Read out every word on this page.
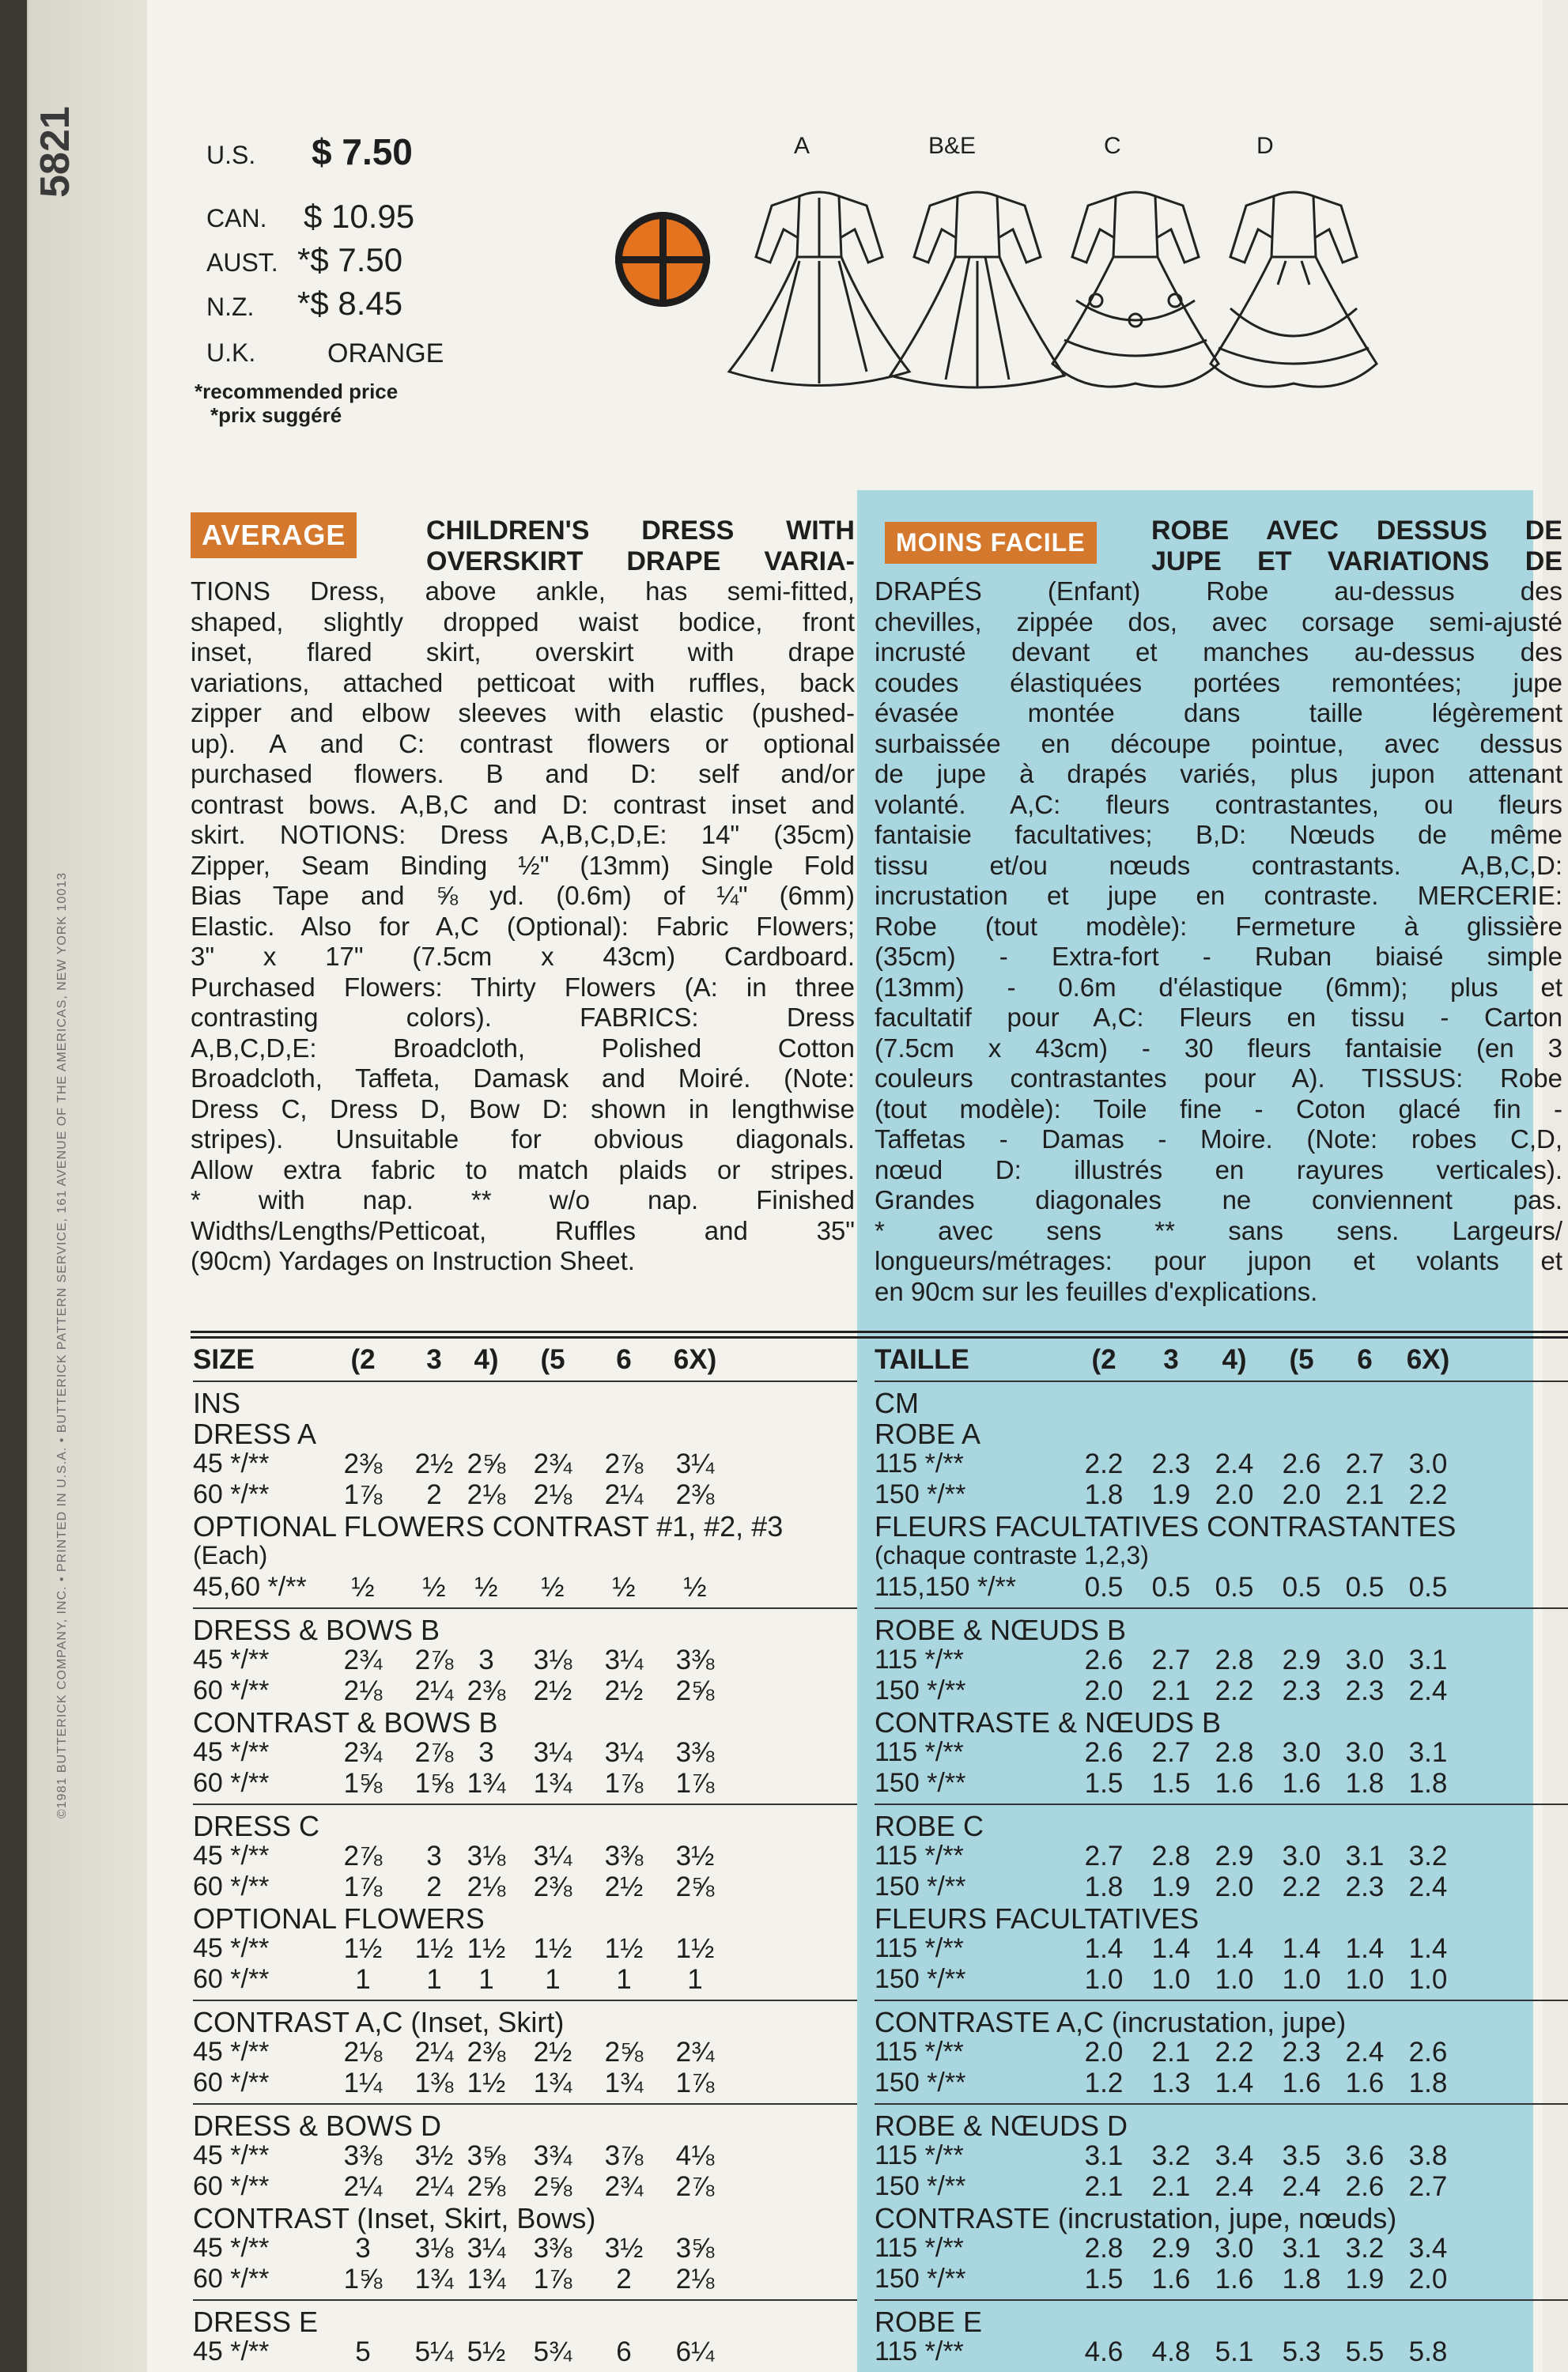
5821
©1981 BUTTERICK COMPANY, INC. • PRINTED IN U.S.A. • BUTTERICK PATTERN SERVICE, 161 AVENUE OF THE AMERICAS, NEW YORK 10013
U.S. $ 7.50
CAN. $ 10.95
AUST. *$ 7.50
N.Z. *$ 8.45
U.K.	ORANGE
*recommended price
*prix suggéré
A	B&E	C	D
AVERAGE	MOINS FACILE
CHILDREN'S DRESS WITH
OVERSKIRT DRAPE VARIA-
TIONS Dress, above ankle, has semi-fitted,
shaped, slightly dropped waist bodice, front
inset, flared skirt, overskirt with drape
variations, attached petticoat with ruffles, back
zipper and elbow sleeves with elastic (pushed-
up). A and C: contrast flowers or optional
purchased flowers. B and D: self and/or
contrast bows. A,B,C and D: contrast inset and
skirt. NOTIONS: Dress A,B,C,D,E: 14" (35cm)
Zipper, Seam Binding ½" (13mm) Single Fold
Bias Tape and ⅝ yd. (0.6m) of ¼" (6mm)
Elastic. Also for A,C (Optional): Fabric Flowers;
3" x 17" (7.5cm x 43cm) Cardboard.
Purchased Flowers: Thirty Flowers (A: in three
contrasting colors). FABRICS: Dress
A,B,C,D,E: Broadcloth, Polished Cotton
Broadcloth, Taffeta, Damask and Moiré. (Note:
Dress C, Dress D, Bow D: shown in lengthwise
stripes). Unsuitable for obvious diagonals.
Allow extra fabric to match plaids or stripes.
* with nap. ** w/o nap. Finished
Widths/Lengths/Petticoat, Ruffles and 35"
(90cm) Yardages on Instruction Sheet.
ROBE AVEC DESSUS DE
JUPE ET VARIATIONS DE
DRAPÉS (Enfant) Robe au-dessus des
chevilles, zippée dos, avec corsage semi-ajusté
incrusté devant et manches au-dessus des
coudes élastiquées portées remontées; jupe
évasée montée dans taille légèrement
surbaissée en découpe pointue, avec dessus
de jupe à drapés variés, plus jupon attenant
volanté. A,C: fleurs contrastantes, ou fleurs
fantaisie facultatives; B,D: Nœuds de même
tissu et/ou nœuds contrastants. A,B,C,D:
incrustation et jupe en contraste. MERCERIE:
Robe (tout modèle): Fermeture à glissière
(35cm) - Extra-fort - Ruban biaisé simple
(13mm) - 0.6m d'élastique (6mm); plus et
facultatif pour A,C: Fleurs en tissu - Carton
(7.5cm x 43cm) - 30 fleurs fantaisie (en 3
couleurs contrastantes pour A). TISSUS: Robe
(tout modèle): Toile fine - Coton glacé fin -
Taffetas - Damas - Moire. (Note: robes C,D,
nœud D: illustrés en rayures verticales).
Grandes diagonales ne conviennent pas.
* avec sens ** sans sens. Largeurs/
longueurs/métrages: pour jupon et volants et
en 90cm sur les feuilles d'explications.
SIZE	(2	3	4)	(5	6	6X)
INS
DRESS A
45 */**	2⅜	2½ 2⅝	2¾	2⅞	3¼
60 */**	1⅞	2 2⅛	2⅛	2¼	2⅜
OPTIONAL FLOWERS CONTRAST #1, #2, #3
(Each)
45,60 */**	½	½	½	½	½	½
DRESS & BOWS B
45 */**	2¾	2⅞ 3	3⅛	3¼	3⅜
60 */**	2⅛	2¼ 2⅜	2½	2½	2⅝
CONTRAST & BOWS B
45 */**	2¾	2⅞ 3	3¼	3¼	3⅜
60 */**	1⅝	1⅝ 1¾	1¾	1⅞	1⅞
DRESS C
45 */**	2⅞	3 3⅛	3¼	3⅜	3½
60 */**	1⅞	2 2⅛	2⅜	2½	2⅝
OPTIONAL FLOWERS
45 */**	1½	1½ 1½	1½	1½	1½
60 */**	1	1	1	1	1	1
CONTRAST A,C (Inset, Skirt)
45 */**	2⅛	2¼ 2⅜	2½	2⅝	2¾
60 */**	1¼	1⅜ 1½	1¾	1¾	1⅞
DRESS & BOWS D
45 */**	3⅜	3½ 3⅝	3¾	3⅞	4⅛
60 */**	2¼	2¼ 2⅝	2⅝	2¾	2⅞
CONTRAST (Inset, Skirt, Bows)
45 */**	3	3⅛ 3¼	3⅜	3½	3⅝
60 */**	1⅝	1¾ 1¾	1⅞	2	2⅛
DRESS E
45 */**	5	5¼ 5½	5¾	6	6¼
TAILLE	(2	3	4)	(5	6	6X)
CM
ROBE A
115 */**	2.2	2.3 2.4	2.6 2.7 3.0
150 */**	1.8	1.9 2.0	2.0 2.1 2.2
FLEURS FACULTATIVES CONTRASTANTES
(chaque contraste 1,2,3)
115,150 */**	0.5	0.5 0.5	0.5 0.5 0.5
ROBE & NŒUDS B
115 */**	2.6	2.7 2.8	2.9 3.0 3.1
150 */**	2.0	2.1 2.2	2.3 2.3 2.4
CONTRASTE & NŒUDS B
115 */**	2.6	2.7 2.8	3.0 3.0 3.1
150 */**	1.5	1.5 1.6	1.6 1.8 1.8
ROBE C
115 */**	2.7	2.8 2.9	3.0 3.1 3.2
150 */**	1.8	1.9 2.0	2.2 2.3 2.4
FLEURS FACULTATIVES
115 */**	1.4	1.4 1.4	1.4 1.4 1.4
150 */**	1.0	1.0 1.0	1.0 1.0 1.0
CONTRASTE A,C (incrustation, jupe)
115 */**	2.0	2.1 2.2	2.3 2.4 2.6
150 */**	1.2	1.3 1.4	1.6 1.6 1.8
ROBE & NŒUDS D
115 */**	3.1	3.2 3.4	3.5 3.6 3.8
150 */**	2.1	2.1 2.4	2.4 2.6 2.7
CONTRASTE (incrustation, jupe, nœuds)
115 */**	2.8	2.9 3.0	3.1 3.2 3.4
150 */**	1.5	1.6 1.6	1.8 1.9 2.0
ROBE E
115 */**	4.6	4.8 5.1	5.3 5.5 5.8
